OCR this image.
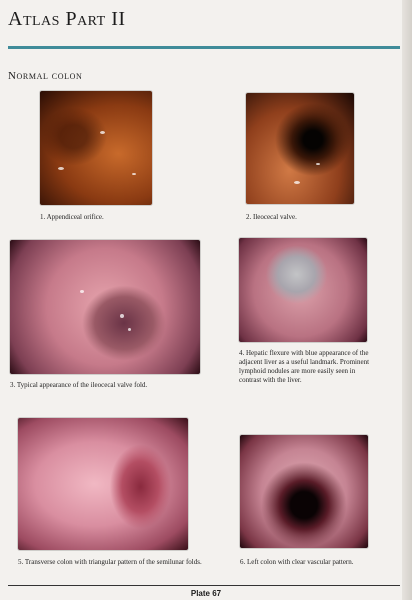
Atlas Part II
Normal colon
1. Appendiceal orifice.	2. Ileocecal valve.
3. Typical appearance of the ileocecal valve fold.
4. Hepatic flexure with blue appearance of the adjacent liver as a useful landmark. Prominent lymphoid nodules are more easily seen in contrast with the liver.
5. Transverse colon with triangular pattern of the semilunar folds.	6. Left colon with clear vascular pattern.
Plate 67
